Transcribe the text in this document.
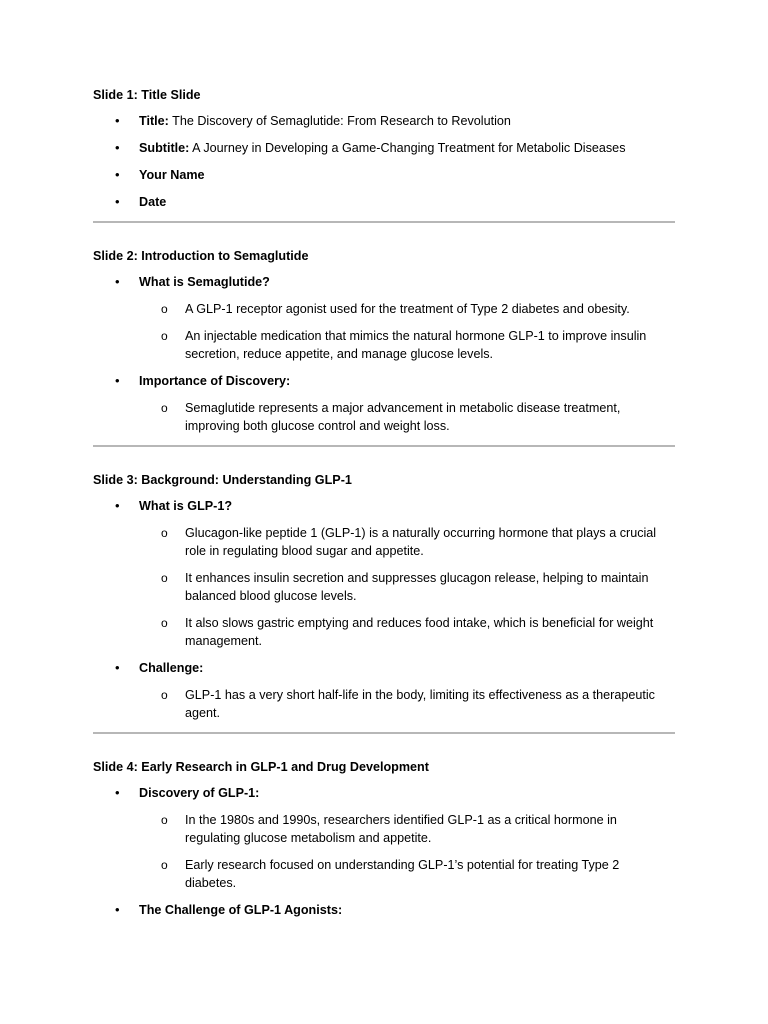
Slide 1: Title Slide
• Title: The Discovery of Semaglutide: From Research to Revolution
• Subtitle: A Journey in Developing a Game-Changing Treatment for Metabolic Diseases
• Your Name
• Date
Slide 2: Introduction to Semaglutide
• What is Semaglutide?
o A GLP-1 receptor agonist used for the treatment of Type 2 diabetes and obesity.
o An injectable medication that mimics the natural hormone GLP-1 to improve insulin secretion, reduce appetite, and manage glucose levels.
• Importance of Discovery:
o Semaglutide represents a major advancement in metabolic disease treatment, improving both glucose control and weight loss.
Slide 3: Background: Understanding GLP-1
• What is GLP-1?
o Glucagon-like peptide 1 (GLP-1) is a naturally occurring hormone that plays a crucial role in regulating blood sugar and appetite.
o It enhances insulin secretion and suppresses glucagon release, helping to maintain balanced blood glucose levels.
o It also slows gastric emptying and reduces food intake, which is beneficial for weight management.
• Challenge:
o GLP-1 has a very short half-life in the body, limiting its effectiveness as a therapeutic agent.
Slide 4: Early Research in GLP-1 and Drug Development
• Discovery of GLP-1:
o In the 1980s and 1990s, researchers identified GLP-1 as a critical hormone in regulating glucose metabolism and appetite.
o Early research focused on understanding GLP-1’s potential for treating Type 2 diabetes.
• The Challenge of GLP-1 Agonists:
